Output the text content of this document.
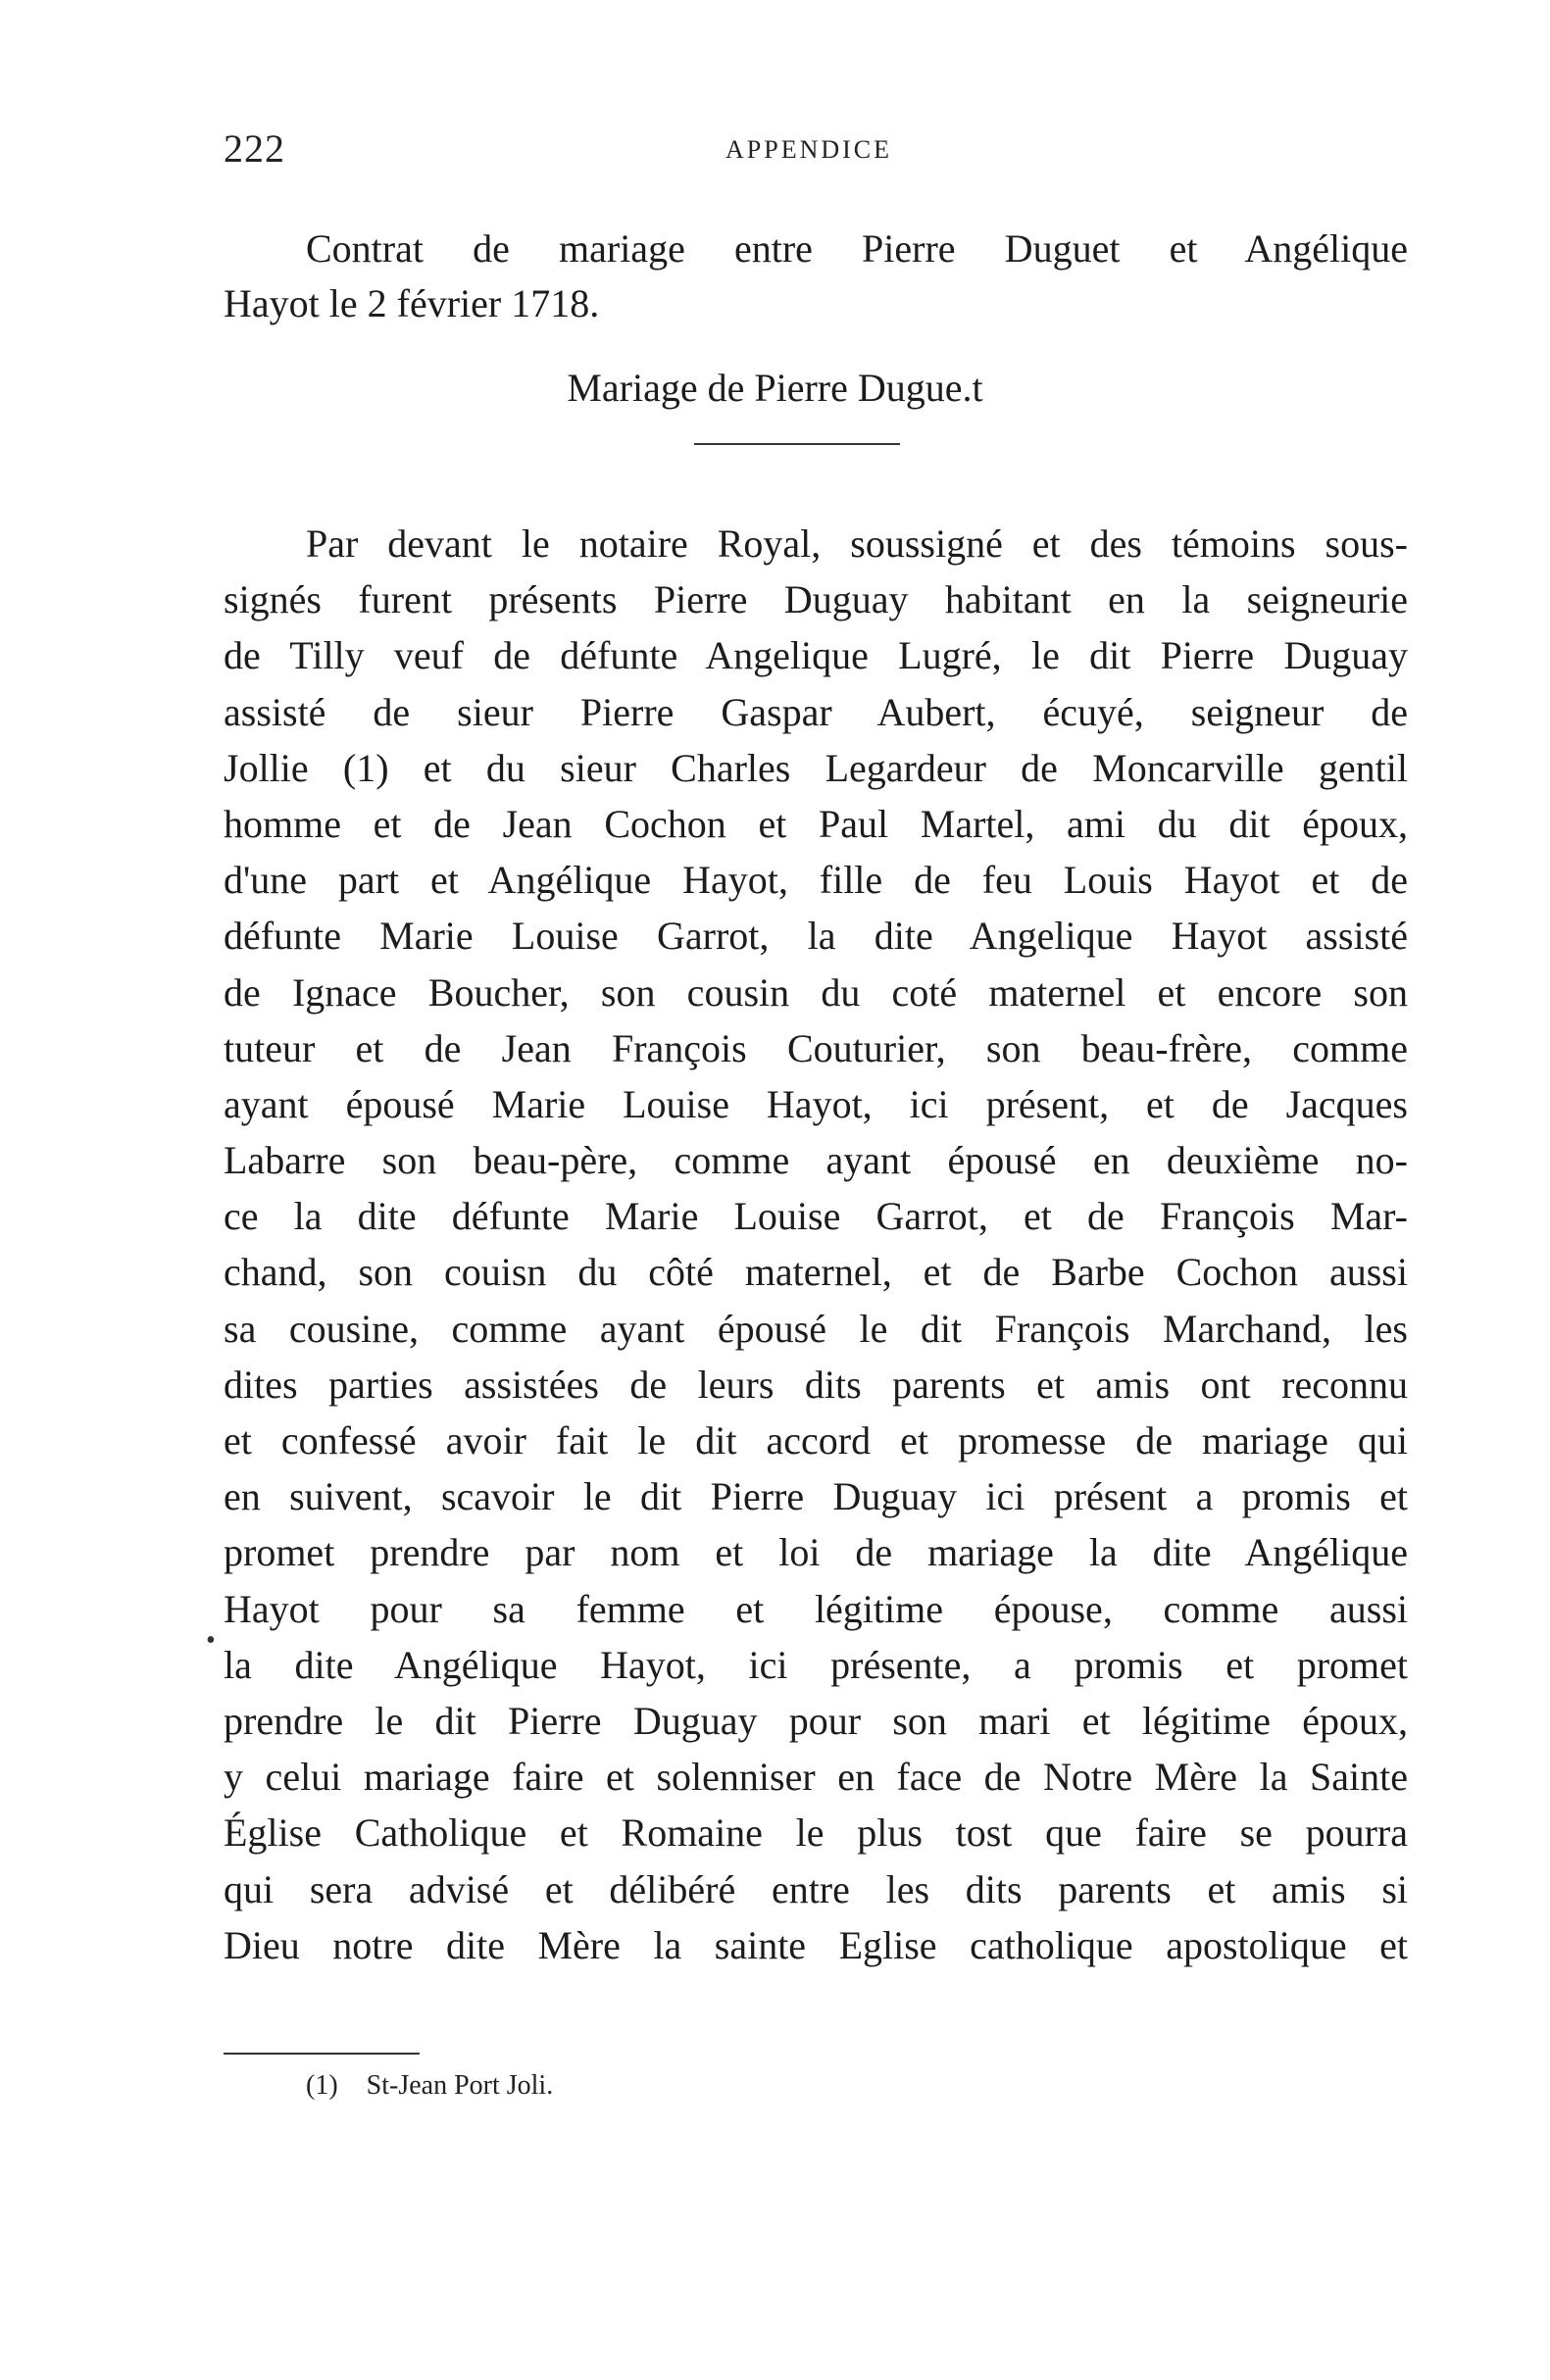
222	APPENDICE
Contrat de mariage entre Pierre Duguet et Angélique
Hayot le 2 février 1718.
Mariage de Pierre Dugue.t
Par devant le notaire Royal, soussigné et des témoins sous-
signés furent présents Pierre Duguay habitant en la seigneurie
de Tilly veuf de défunte Angelique Lugré, le dit Pierre Duguay
assisté de sieur Pierre Gaspar Aubert, écuyé, seigneur de
Jollie (1) et du sieur Charles Legardeur de Moncarville gentil
homme et de Jean Cochon et Paul Martel, ami du dit époux,
d'une part et Angélique Hayot, fille de feu Louis Hayot et de
défunte Marie Louise Garrot, la dite Angelique Hayot assisté
de Ignace Boucher, son cousin du coté maternel et encore son
tuteur et de Jean François Couturier, son beau-frère, comme
ayant épousé Marie Louise Hayot, ici présent, et de Jacques
Labarre son beau-père, comme ayant épousé en deuxième no-
ce la dite défunte Marie Louise Garrot, et de François Mar-
chand, son couisn du côté maternel, et de Barbe Cochon aussi
sa cousine, comme ayant épousé le dit François Marchand, les
dites parties assistées de leurs dits parents et amis ont reconnu
et confessé avoir fait le dit accord et promesse de mariage qui
en suivent, scavoir le dit Pierre Duguay ici présent a promis et
promet prendre par nom et loi de mariage la dite Angélique
Hayot pour sa femme et légitime épouse, comme aussi
la dite Angélique Hayot, ici présente, a promis et promet
prendre le dit Pierre Duguay pour son mari et légitime époux,
y celui mariage faire et solenniser en face de Notre Mère la Sainte
Église Catholique et Romaine le plus tost que faire se pourra
qui sera advisé et délibéré entre les dits parents et amis si
Dieu notre dite Mère la sainte Eglise catholique apostolique et
•
(1) St-Jean Port Joli.
